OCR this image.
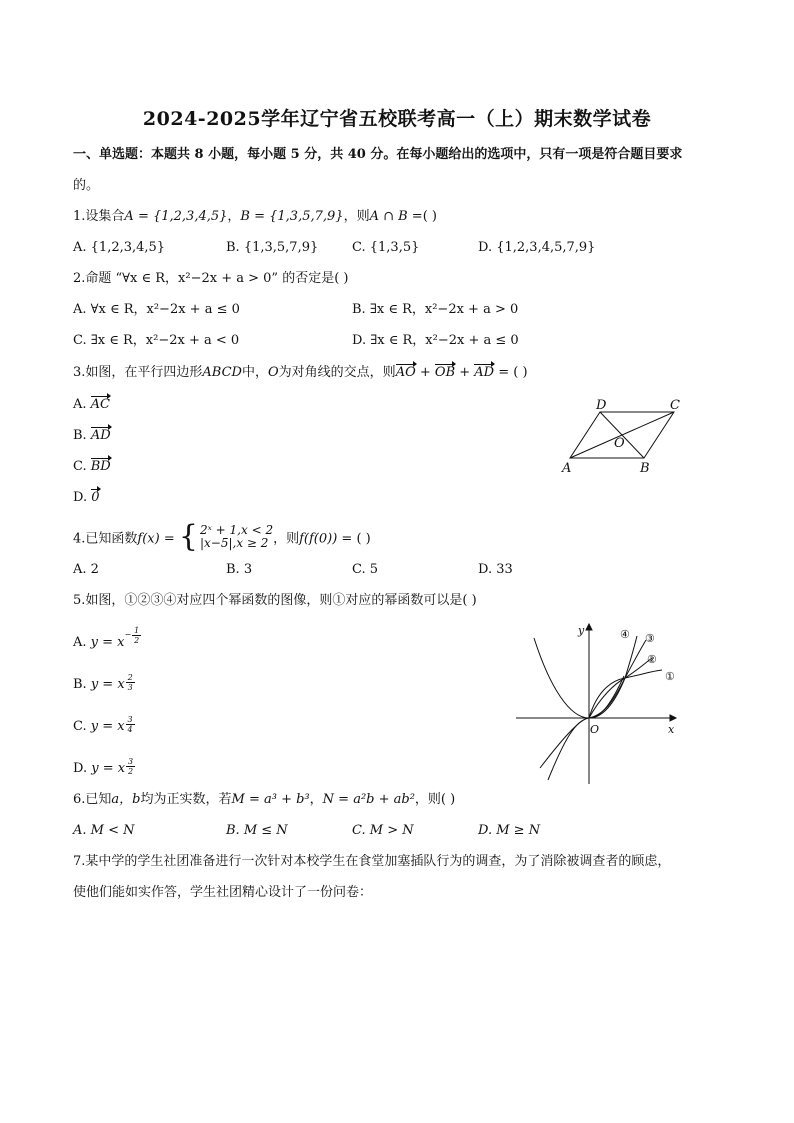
2024-2025学年辽宁省五校联考高一（上）期末数学试卷
一、单选题：本题共 8 小题，每小题 5 分，共 40 分。在每小题给出的选项中，只有一项是符合题目要求
的。
1.设集合A = {1,2,3,4,5}，B = {1,3,5,7,9}，则A ∩ B =( )
A. {1,2,3,4,5}	B. {1,3,5,7,9}	C. {1,3,5}	D. {1,2,3,4,5,7,9}
2.命题 “∀x ∈ R，x²−2x + a > 0” 的否定是( )
A. ∀x ∈ R，x²−2x + a ≤ 0	B. ∃x ∈ R，x²−2x + a > 0
C. ∃x ∈ R，x²−2x + a < 0	D. ∃x ∈ R，x²−2x + a ≤ 0
3.如图，在平行四边形ABCD中，O为对角线的交点，则AO + OB + AD = ( )
A. AC
B. AD
C. BD
D. 0
A	B
C
D
O
4.已知函数f(x) = { 2ˣ + 1,x < 2
|x−5|,x ≥ 2 ，则f(f(0)) = ( )
A. 2	B. 3	C. 5	D. 33
5.如图，①②③④对应四个幂函数的图像，则①对应的幂函数可以是( )
A. y = x
− 1
2
B. y = x $\frac{2}{3}$
C. y = x $\frac{3}{4}$
D. y = x $\frac{3}{2}$
y
x
O
④ ③
②
①
6.已知a，b均为正实数，若M = a³ + b³，N = a²b + ab²，则( )
A. M < N	B. M ≤ N	C. M > N	D. M ≥ N
7.某中学的学生社团准备进行一次针对本校学生在食堂加塞插队行为的调查，为了消除被调查者的顾虑，
使他们能如实作答，学生社团精心设计了一份问卷：
